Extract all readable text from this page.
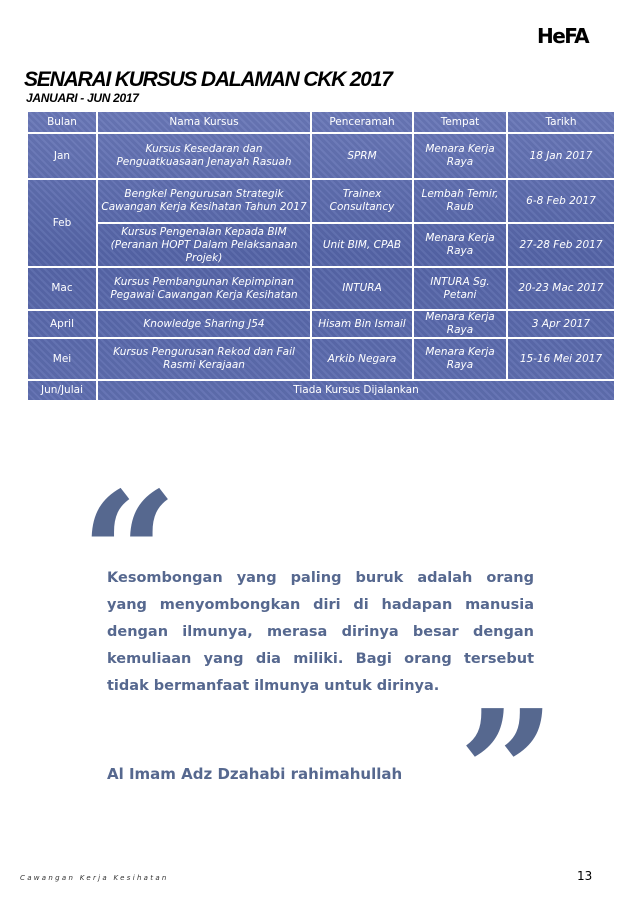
HeFA
SENARAI KURSUS DALAMAN CKK 2017
JANUARI - JUN 2017
Bulan	Nama Kursus	Penceramah	Tempat	Tarikh
Jan	Kursus Kesedaran dan Penguatkuasaan Jenayah Rasuah	SPRM	Menara Kerja Raya	18 Jan 2017
Feb	Bengkel Pengurusan Strategik Cawangan Kerja Kesihatan Tahun 2017	Trainex Consultancy	Lembah Temir, Raub	6-8 Feb 2017
	Kursus Pengenalan Kepada BIM (Peranan HOPT Dalam Pelaksanaan Projek)	Unit BIM, CPAB	Menara Kerja Raya	27-28 Feb 2017
Mac	Kursus Pembangunan Kepimpinan Pegawai Cawangan Kerja Kesihatan	INTURA	INTURA Sg. Petani	20-23 Mac 2017
April	Knowledge Sharing J54	Hisam Bin Ismail	Menara Kerja Raya	3 Apr 2017
Mei	Kursus Pengurusan Rekod dan Fail Rasmi Kerajaan	Arkib Negara	Menara Kerja Raya	15-16 Mei 2017
Jun/Julai	Tiada Kursus Dijalankan			
“

Kesombongan yang paling buruk adalah orang yang menyombongkan diri di hadapan manusia dengan ilmunya, merasa dirinya besar dengan kemuliaan yang dia miliki. Bagi orang tersebut tidak bermanfaat ilmunya untuk dirinya. ”
Al Imam Adz Dzahabi rahimahullah
Cawangan Kerja Kesihatan	13
